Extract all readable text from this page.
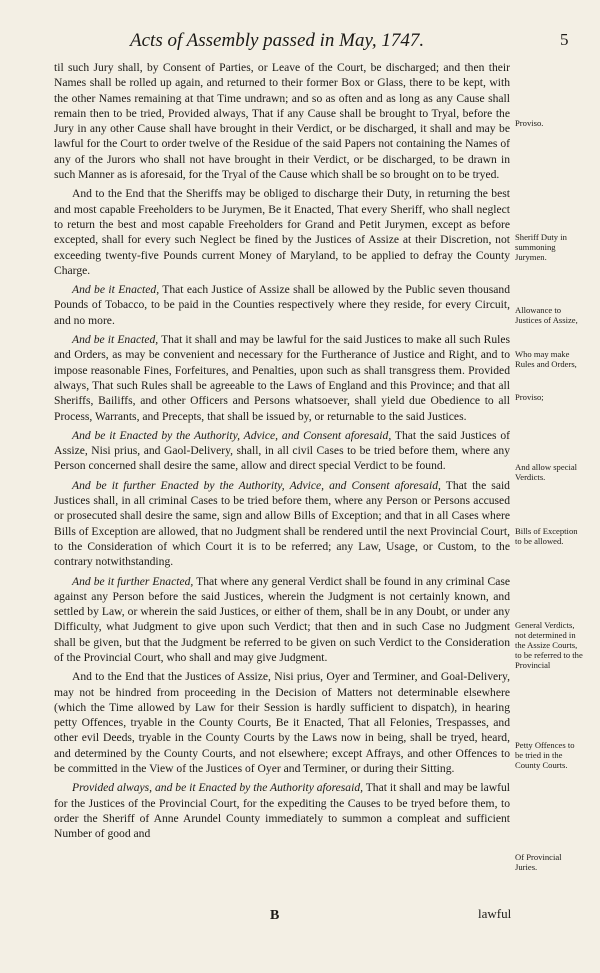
Acts of Assembly passed in May, 1747.	5

til such Jury shall, by Consent of Parties, or Leave of the Court, be discharged; and then their Names shall be rolled up again, and returned to their former Box or Glass, there to be kept, with the other Names remaining at that Time undrawn; and so as often and as long as any Cause shall remain then to be tried, Provided always, That if any Cause shall be brought to Tryal, before the Jury in any other Cause shall have brought in their Verdict, or be discharged, it shall and may be lawful for the Court to order twelve of the Residue of the said Papers not containing the Names of any of the Jurors who shall not have brought in their Verdict, or be discharged, to be drawn in such Manner as is aforesaid, for the Tryal of the Cause which shall be so brought on to be tryed.

And to the End that the Sheriffs may be obliged to discharge their Duty, in returning the best and most capable Freeholders to be Jurymen, Be it Enacted, That every Sheriff, who shall neglect to return the best and most capable Freeholders for Grand and Petit Jurymen, except as before excepted, shall for every such Neglect be fined by the Justices of Assize at their Discretion, not exceeding twenty-five Pounds current Money of Maryland, to be applied to defray the County Charge.

And be it Enacted, That each Justice of Assize shall be allowed by the Public seven thousand Pounds of Tobacco, to be paid in the Counties respectively where they reside, for every Circuit, and no more.

And be it Enacted, That it shall and may be lawful for the said Justices to make all such Rules and Orders, as may be convenient and necessary for the Furtherance of Justice and Right, and to impose reasonable Fines, Forfeitures, and Penalties, upon such as shall transgress them. Provided always, That such Rules shall be agreeable to the Laws of England and this Province; and that all Sheriffs, Bailiffs, and other Officers and Persons whatsoever, shall yield due Obedience to all Process, Warrants, and Precepts, that shall be issued by, or returnable to the said Justices.

And be it Enacted by the Authority, Advice, and Consent aforesaid, That the said Justices of Assize, Nisi prius, and Gaol-Delivery, shall, in all civil Cases to be tried before them, where any Person concerned shall desire the same, allow and direct special Verdict to be found.

And be it further Enacted by the Authority, Advice, and Consent aforesaid, That the said Justices shall, in all criminal Cases to be tried before them, where any Person or Persons accused or prosecuted shall desire the same, sign and allow Bills of Exception; and that in all Cases where Bills of Exception are allowed, that no Judgment shall be rendered until the next Provincial Court, to the Consideration of which Court it is to be referred; any Law, Usage, or Custom, to the contrary notwithstanding.

And be it further Enacted, That where any general Verdict shall be found in any criminal Case against any Person before the said Justices, wherein the Judgment is not certainly known, and settled by Law, or wherein the said Justices, or either of them, shall be in any Doubt, or under any Difficulty, what Judgment to give upon such Verdict; that then and in such Case no Judgment shall be given, but that the Judgment be referred to be given on such Verdict to the Consideration of the Provincial Court, who shall and may give Judgment.

And to the End that the Justices of Assize, Nisi prius, Oyer and Terminer, and Goal-Delivery, may not be hindred from proceeding in the Decision of Matters not determinable elsewhere (which the Time allowed by Law for their Session is hardly sufficient to dispatch), in hearing petty Offences, tryable in the County Courts, Be it Enacted, That all Felonies, Trespasses, and other evil Deeds, tryable in the County Courts by the Laws now in being, shall be tryed, heard, and determined by the County Courts, and not elsewhere; except Affrays, and other Offences to be committed in the View of the Justices of Oyer and Terminer, or during their Sitting.

Provided always, and be it Enacted by the Authority aforesaid, That it shall and may be lawful for the Justices of the Provincial Court, for the expediting the Causes to be tryed before them, to order the Sheriff of Anne Arundel County immediately to summon a compleat and sufficient Number of good and

Proviso.
Sheriff Duty in summoning Jurymen.
Allowance to Justices of Assize,
Who may make Rules and Orders,
Proviso;
And allow special Verdicts.
Bills of Exception to be allowed.
General Verdicts, not determined in the Assize Courts, to be referred to the Provincial
Petty Offences to be tried in the County Courts.
Of Provincial Juries.
B	lawful
